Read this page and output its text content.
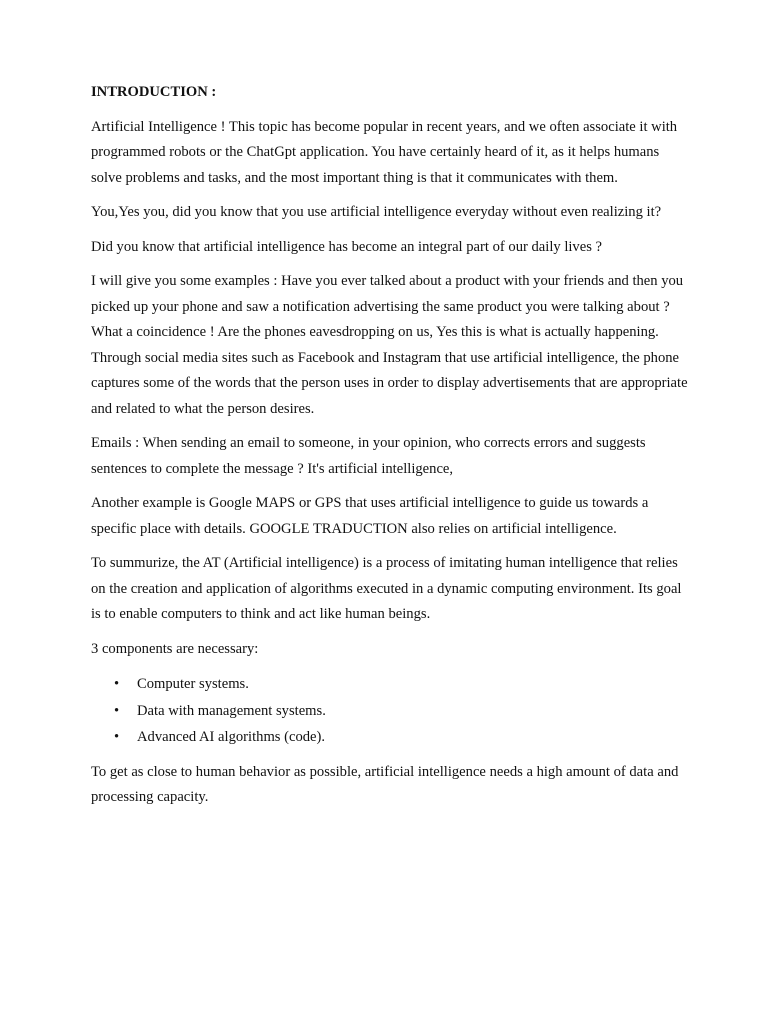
INTRODUCTION :

Artificial Intelligence ! This topic has become popular in recent years, and we often associate it with programmed robots or the ChatGpt application. You have certainly heard of it, as it helps humans solve problems and tasks, and the most important thing is that it communicates with them.

You,Yes you, did you know that you use artificial intelligence everyday without even realizing it?

Did you know that artificial intelligence has become an integral part of our daily lives ?

I will give you some examples : Have you ever talked about a product with your friends and then you picked up your phone and saw a notification advertising the same product you were talking about ? What a coincidence ! Are the phones eavesdropping on us, Yes this is what is actually happening. Through social media sites such as Facebook and Instagram that use artificial intelligence, the phone captures some of the words that the person uses in order to display advertisements that are appropriate and related to what the person desires.

Emails : When sending an email to someone, in your opinion, who corrects errors and suggests sentences to complete the message ? It's artificial intelligence,

Another example is Google MAPS or GPS that uses artificial intelligence to guide us towards a specific place with details. GOOGLE TRADUCTION also relies on artificial intelligence.

To summurize, the AT (Artificial intelligence) is a process of imitating human intelligence that relies on the creation and application of algorithms executed in a dynamic computing environment. Its goal is to enable computers to think and act like human beings.

3 components are necessary:

• Computer systems.
• Data with management systems.
• Advanced AI algorithms (code).

To get as close to human behavior as possible, artificial intelligence needs a high amount of data and processing capacity.
